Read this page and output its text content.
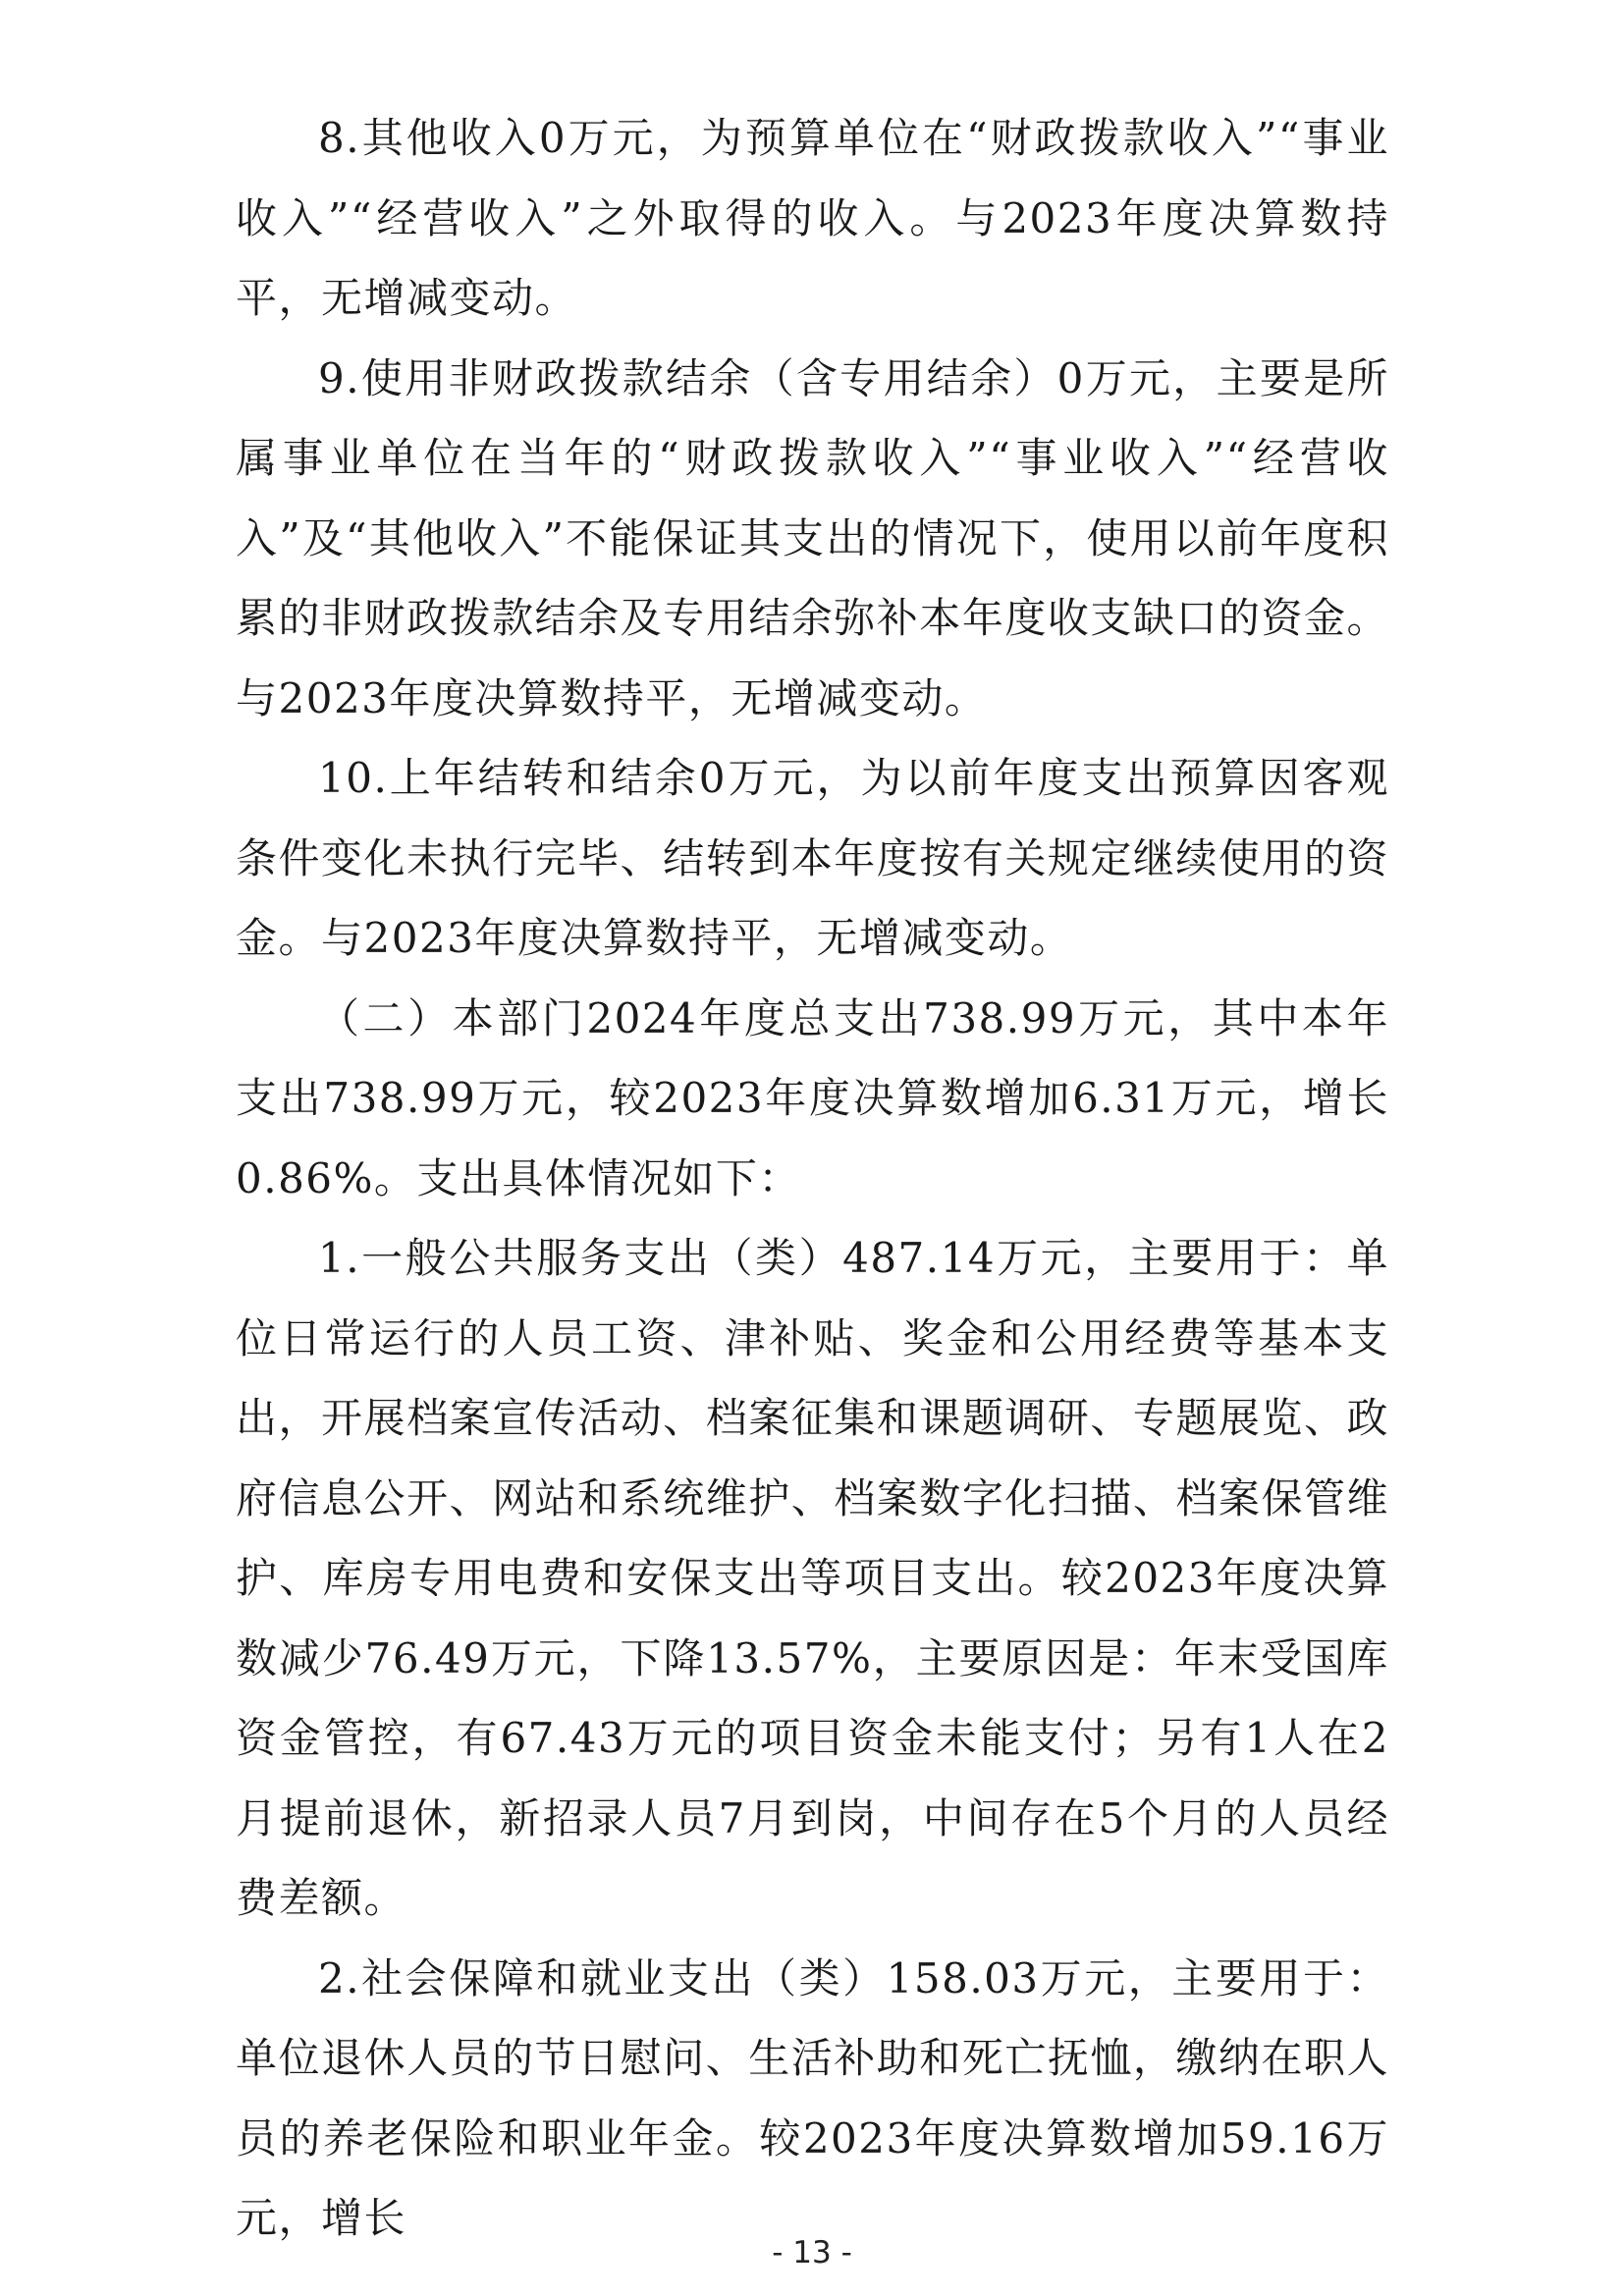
8.其他收入0万元，为预算单位在“财政拨款收入”“事业收入”“经营收入”之外取得的收入。与2023年度决算数持平，无增减变动。

9.使用非财政拨款结余（含专用结余）0万元，主要是所属事业单位在当年的“财政拨款收入”“事业收入”“经营收入”及“其他收入”不能保证其支出的情况下，使用以前年度积累的非财政拨款结余及专用结余弥补本年度收支缺口的资金。与2023年度决算数持平，无增减变动。

10.上年结转和结余0万元，为以前年度支出预算因客观条件变化未执行完毕、结转到本年度按有关规定继续使用的资金。与2023年度决算数持平，无增减变动。

（二）本部门2024年度总支出738.99万元，其中本年支出738.99万元，较2023年度决算数增加6.31万元，增长0.86%。支出具体情况如下：

1.一般公共服务支出（类）487.14万元，主要用于：单位日常运行的人员工资、津补贴、奖金和公用经费等基本支出，开展档案宣传活动、档案征集和课题调研、专题展览、政府信息公开、网站和系统维护、档案数字化扫描、档案保管维护、库房专用电费和安保支出等项目支出。较2023年度决算数减少76.49万元，下降13.57%，主要原因是：年末受国库资金管控，有67.43万元的项目资金未能支付；另有1人在2月提前退休，新招录人员7月到岗，中间存在5个月的人员经费差额。

2.社会保障和就业支出（类）158.03万元，主要用于：单位退休人员的节日慰问、生活补助和死亡抚恤，缴纳在职人员的养老保险和职业年金。较2023年度决算数增加59.16万元，增长

- 13 -
